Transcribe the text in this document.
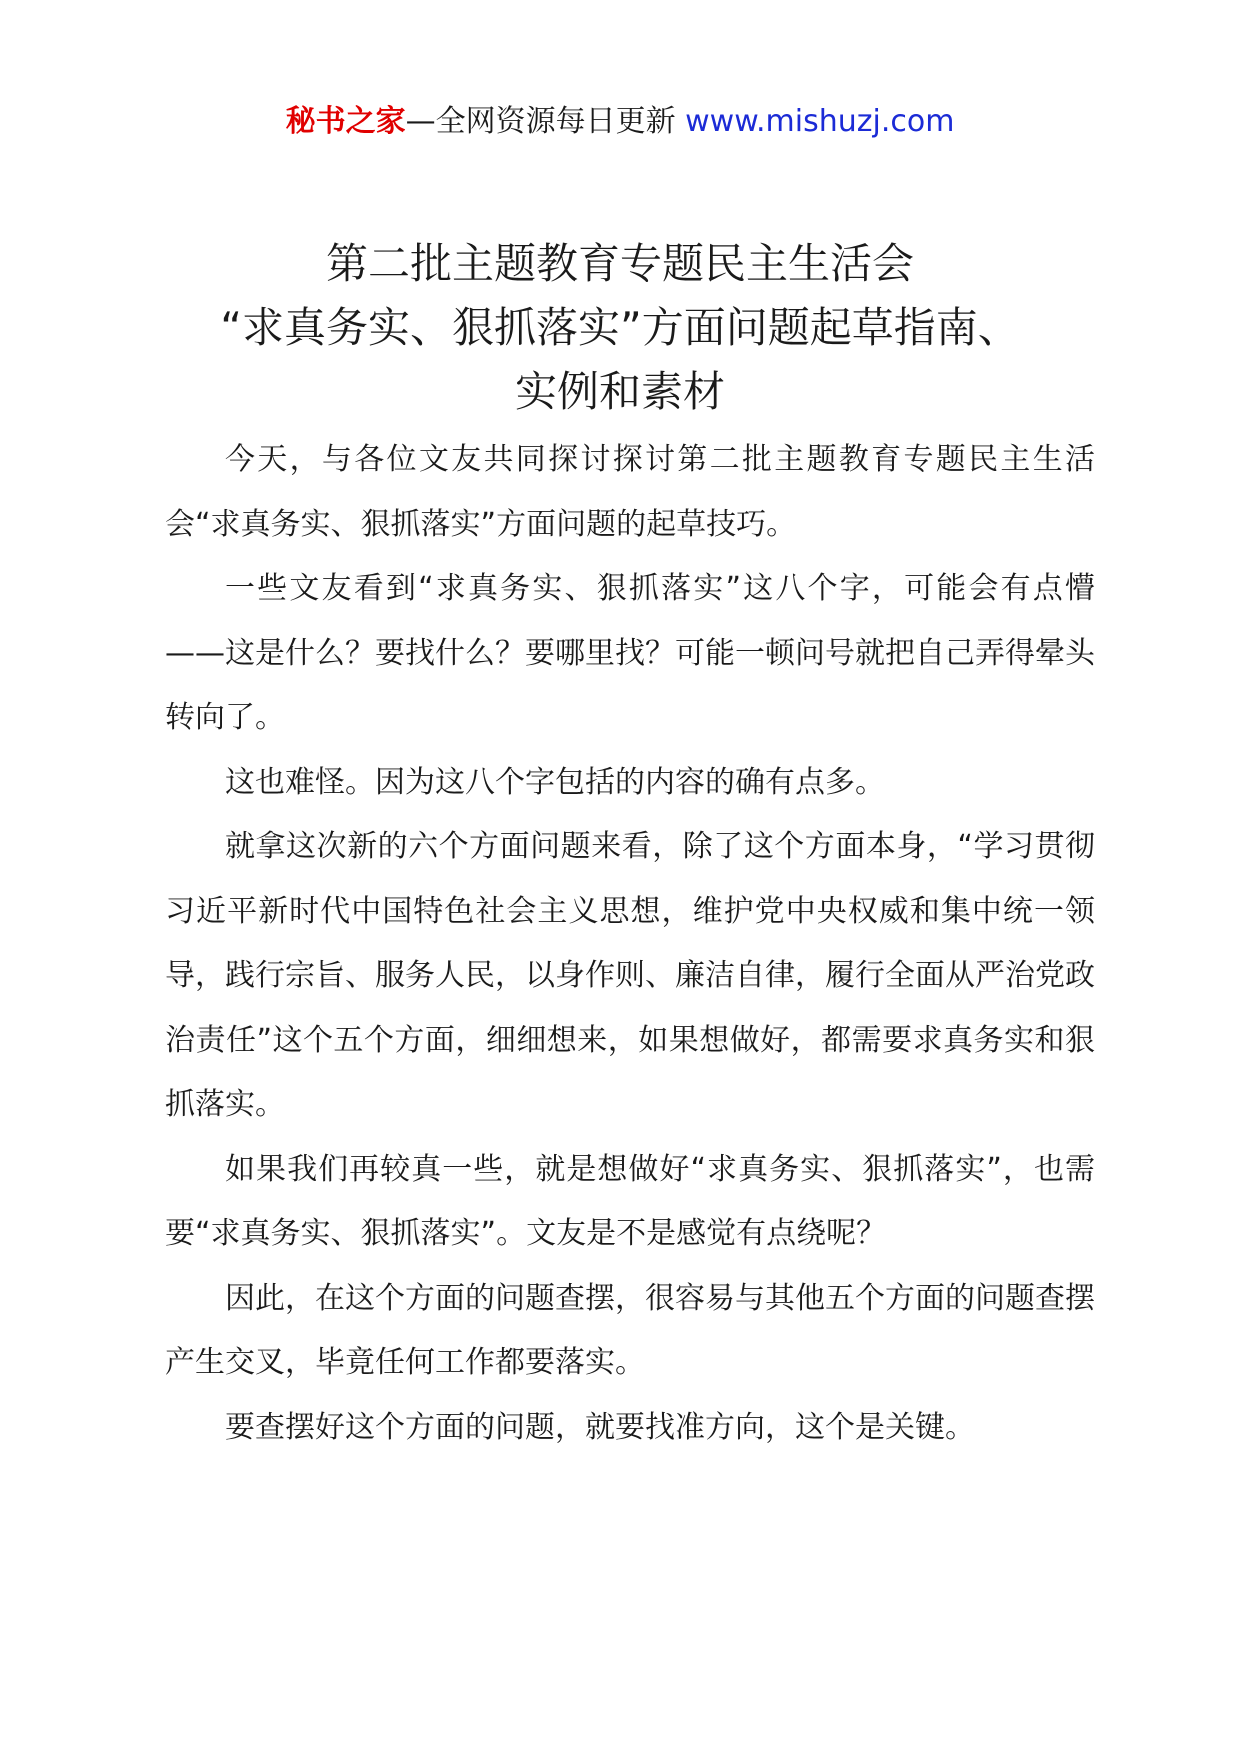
秘书之家—全网资源每日更新 www.mishuzj.com
第二批主题教育专题民主生活会
“求真务实、狠抓落实”方面问题起草指南、
实例和素材

今天，与各位文友共同探讨探讨第二批主题教育专题民主生活会“求真务实、狠抓落实”方面问题的起草技巧。

一些文友看到“求真务实、狠抓落实”这八个字，可能会有点懵——这是什么？要找什么？要哪里找？可能一顿问号就把自己弄得晕头转向了。

这也难怪。因为这八个字包括的内容的确有点多。

就拿这次新的六个方面问题来看，除了这个方面本身，“学习贯彻习近平新时代中国特色社会主义思想，维护党中央权威和集中统一领导，践行宗旨、服务人民，以身作则、廉洁自律，履行全面从严治党政治责任”这个五个方面，细细想来，如果想做好，都需要求真务实和狠抓落实。

如果我们再较真一些，就是想做好“求真务实、狠抓落实”，也需要“求真务实、狠抓落实”。文友是不是感觉有点绕呢？

因此，在这个方面的问题查摆，很容易与其他五个方面的问题查摆产生交叉，毕竟任何工作都要落实。

要查摆好这个方面的问题，就要找准方向，这个是关键。
